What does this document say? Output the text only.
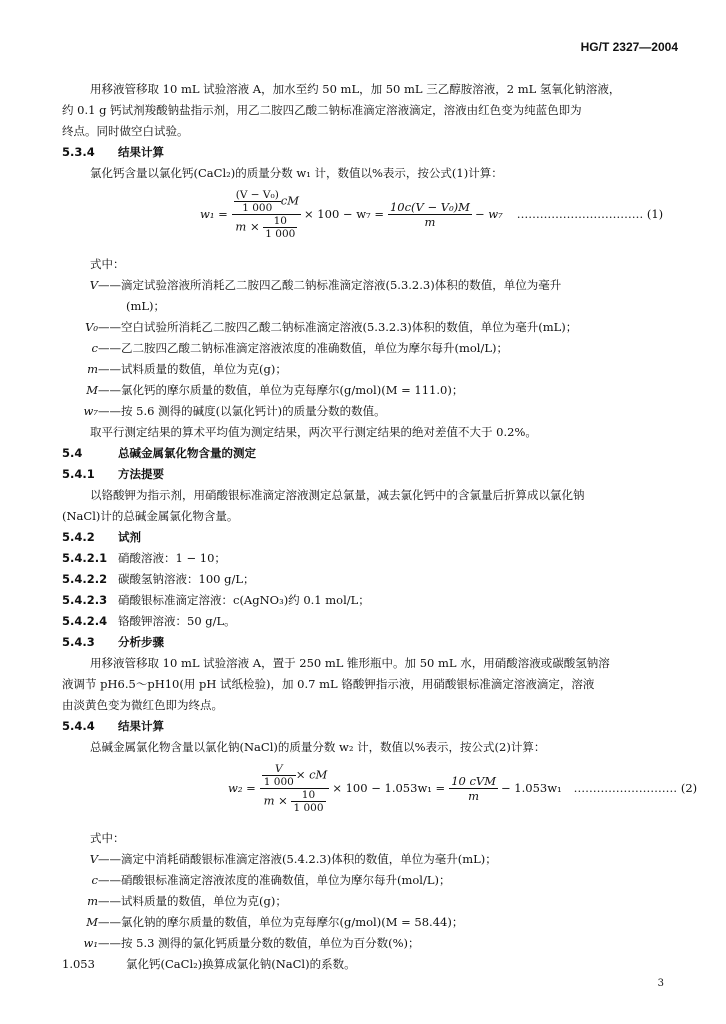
HG/T 2327—2004
用移液管移取 10 mL 试验溶液 A，加水至约 50 mL，加 50 mL 三乙醇胺溶液，2 mL 氢氧化钠溶液，
约 0.1 g 钙试剂羧酸钠盐指示剂，用乙二胺四乙酸二钠标准滴定溶液滴定，溶液由红色变为纯蓝色即为
终点。同时做空白试验。
5.3.4 结果计算
氯化钙含量以氯化钙(CaCl₂)的质量分数 w₁ 计，数值以%表示，按公式(1)计算：
$w_1 = \frac{\frac{\text{(V − V₀)}}{1 000} cM}{m \times \frac{10}{1 000}} \times 100 - w_7 = \frac{\text{10c(V − V₀)M}}{m} - w_7$ …………………………… (1)
式中：
V——滴定试验溶液所消耗乙二胺四乙酸二钠标准滴定溶液(5.3.2.3)体积的数值，单位为毫升
(mL)；
V₀——空白试验所消耗乙二胺四乙酸二钠标准滴定溶液(5.3.2.3)体积的数值，单位为毫升(mL)；
c——乙二胺四乙酸二钠标准滴定溶液浓度的准确数值，单位为摩尔每升(mol/L)；
m——试料质量的数值，单位为克(g)；
M——氯化钙的摩尔质量的数值，单位为克每摩尔(g/mol)(M = 111.0)；
w₇——按 5.6 测得的碱度(以氯化钙计)的质量分数的数值。
取平行测定结果的算术平均值为测定结果，两次平行测定结果的绝对差值不大于 0.2%。
5.4	总碱金属氯化物含量的测定
5.4.1 方法提要
以铬酸钾为指示剂，用硝酸银标准滴定溶液测定总氯量，减去氯化钙中的含氯量后折算成以氯化钠
(NaCl)计的总碱金属氯化物含量。
5.4.2 试剂
5.4.2.1 硝酸溶液：1 − 10；
5.4.2.2 碳酸氢钠溶液：100 g/L；
5.4.2.3 硝酸银标准滴定溶液：c(AgNO₃)约 0.1 mol/L；
5.4.2.4 铬酸钾溶液：50 g/L。
5.4.3 分析步骤
用移液管移取 10 mL 试验溶液 A，置于 250 mL 锥形瓶中。加 50 mL 水，用硝酸溶液或碳酸氢钠溶
液调节 pH6.5～pH10(用 pH 试纸检验)，加 0.7 mL 铬酸钾指示液，用硝酸银标准滴定溶液滴定，溶液
由淡黄色变为微红色即为终点。
5.4.4 结果计算
总碱金属氯化物含量以氯化钠(NaCl)的质量分数 w₂ 计，数值以%表示，按公式(2)计算：
$w_2 = \frac{\frac{V}{1 000} \times cM}{m \times \frac{10}{1 000}} \times 100 - 1.053w_1 = \frac{\text{10 cVM}}{m} - 1.053w_1$ ……………………… (2)
式中：
V——滴定中消耗硝酸银标准滴定溶液(5.4.2.3)体积的数值，单位为毫升(mL)；
c——硝酸银标准滴定溶液浓度的准确数值，单位为摩尔每升(mol/L)；
m——试料质量的数值，单位为克(g)；
M——氯化钠的摩尔质量的数值，单位为克每摩尔(g/mol)(M = 58.44)；
w₁——按 5.3 测得的氯化钙质量分数的数值，单位为百分数(%)；
1.053	氯化钙(CaCl₂)换算成氯化钠(NaCl)的系数。
3
